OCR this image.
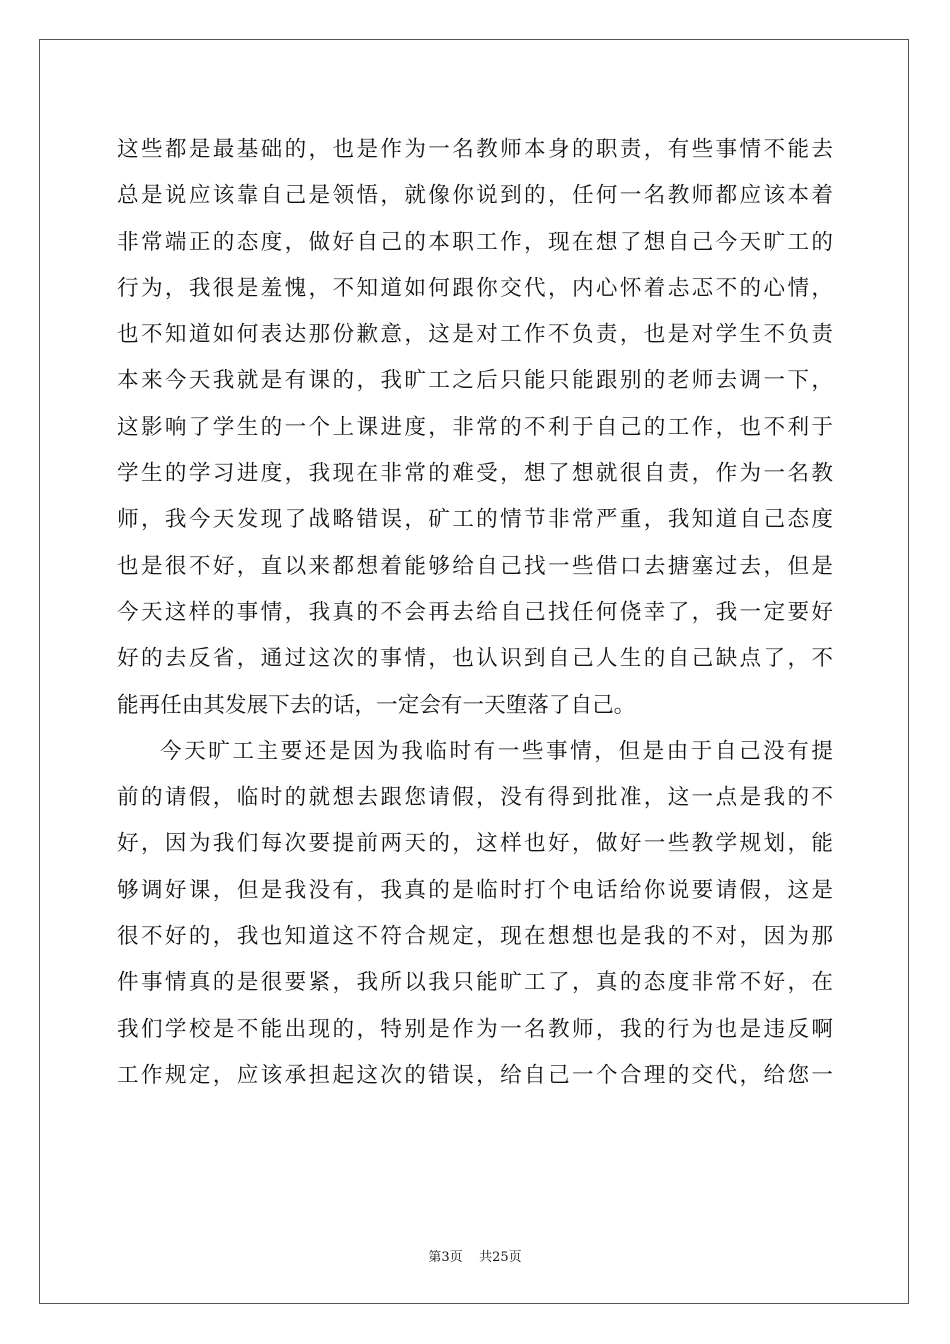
这些都是最基础的，也是作为一名教师本身的职责，有些事情不能去
总是说应该靠自己是领悟，就像你说到的，任何一名教师都应该本着
非常端正的态度，做好自己的本职工作，现在想了想自己今天旷工的
行为，我很是羞愧，不知道如何跟你交代，内心怀着忐忑不的心情，
也不知道如何表达那份歉意，这是对工作不负责，也是对学生不负责
本来今天我就是有课的，我旷工之后只能只能跟别的老师去调一下，
这影响了学生的一个上课进度，非常的不利于自己的工作，也不利于
学生的学习进度，我现在非常的难受，想了想就很自责，作为一名教
师，我今天发现了战略错误，矿工的情节非常严重，我知道自己态度
也是很不好，直以来都想着能够给自己找一些借口去搪塞过去，但是
今天这样的事情，我真的不会再去给自己找任何侥幸了，我一定要好
好的去反省，通过这次的事情，也认识到自己人生的自己缺点了，不
能再任由其发展下去的话，一定会有一天堕落了自己。
今天旷工主要还是因为我临时有一些事情，但是由于自己没有提
前的请假，临时的就想去跟您请假，没有得到批准，这一点是我的不
好，因为我们每次要提前两天的，这样也好，做好一些教学规划，能
够调好课，但是我没有，我真的是临时打个电话给你说要请假，这是
很不好的，我也知道这不符合规定，现在想想也是我的不对，因为那
件事情真的是很要紧，我所以我只能旷工了，真的态度非常不好，在
我们学校是不能出现的，特别是作为一名教师，我的行为也是违反啊
工作规定，应该承担起这次的错误，给自己一个合理的交代，给您一
第3页 共25页
